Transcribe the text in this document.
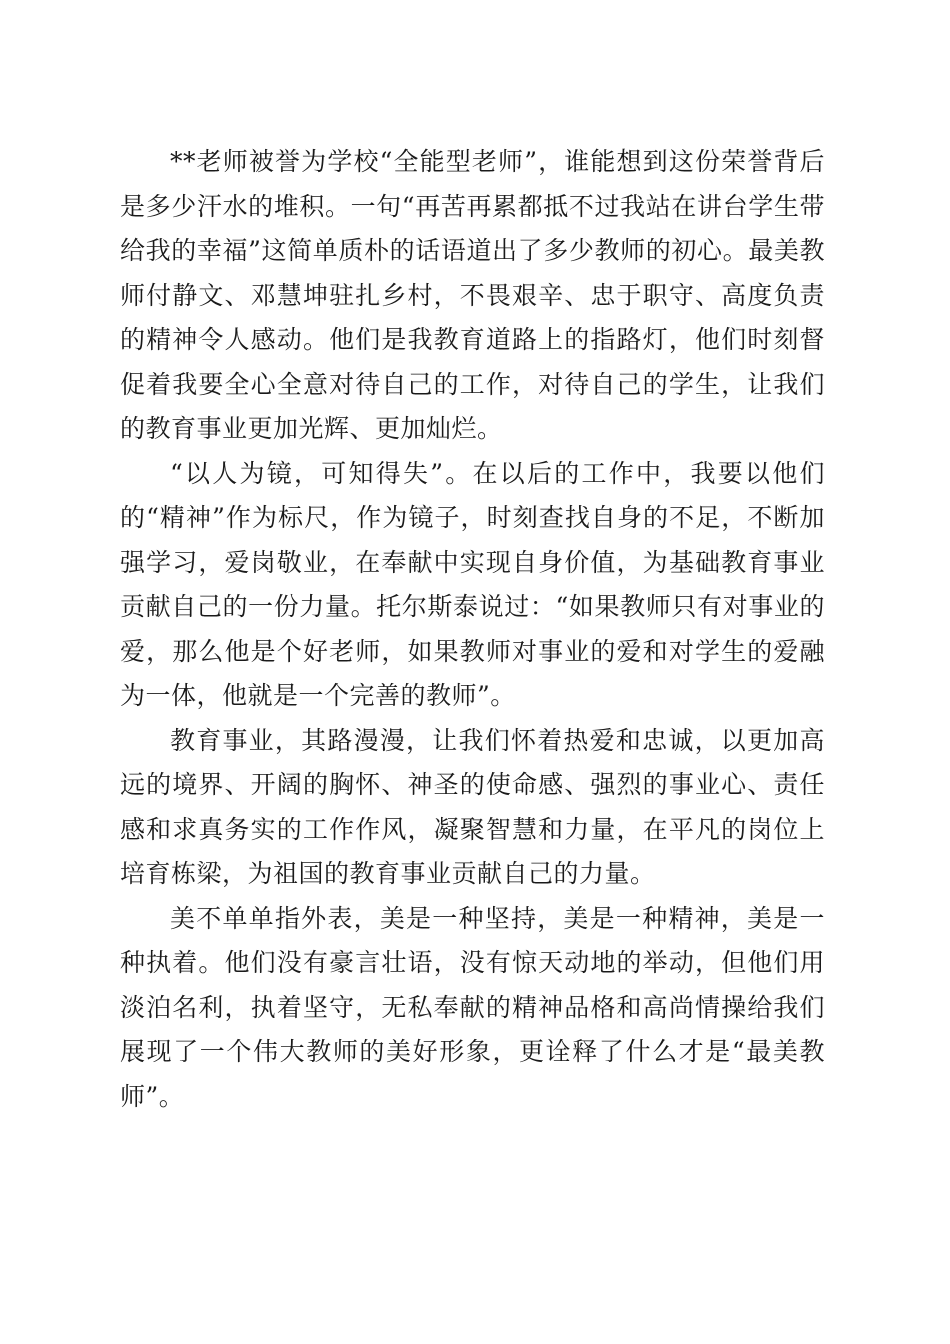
**老师被誉为学校“全能型老师”，谁能想到这份荣誉背后是多少汗水的堆积。一句“再苦再累都抵不过我站在讲台学生带给我的幸福”这简单质朴的话语道出了多少教师的初心。最美教师付静文、邓慧坤驻扎乡村，不畏艰辛、忠于职守、高度负责的精神令人感动。他们是我教育道路上的指路灯，他们时刻督促着我要全心全意对待自己的工作，对待自己的学生，让我们的教育事业更加光辉、更加灿烂。

“以人为镜，可知得失”。在以后的工作中，我要以他们的“精神”作为标尺，作为镜子，时刻查找自身的不足，不断加强学习，爱岗敬业，在奉献中实现自身价值，为基础教育事业贡献自己的一份力量。托尔斯泰说过：“如果教师只有对事业的爱，那么他是个好老师，如果教师对事业的爱和对学生的爱融为一体，他就是一个完善的教师”。

教育事业，其路漫漫，让我们怀着热爱和忠诚，以更加高远的境界、开阔的胸怀、神圣的使命感、强烈的事业心、责任感和求真务实的工作作风，凝聚智慧和力量，在平凡的岗位上培育栋梁，为祖国的教育事业贡献自己的力量。

美不单单指外表，美是一种坚持，美是一种精神，美是一种执着。他们没有豪言壮语，没有惊天动地的举动，但他们用淡泊名利，执着坚守，无私奉献的精神品格和高尚情操给我们展现了一个伟大教师的美好形象，更诠释了什么才是“最美教师”。
